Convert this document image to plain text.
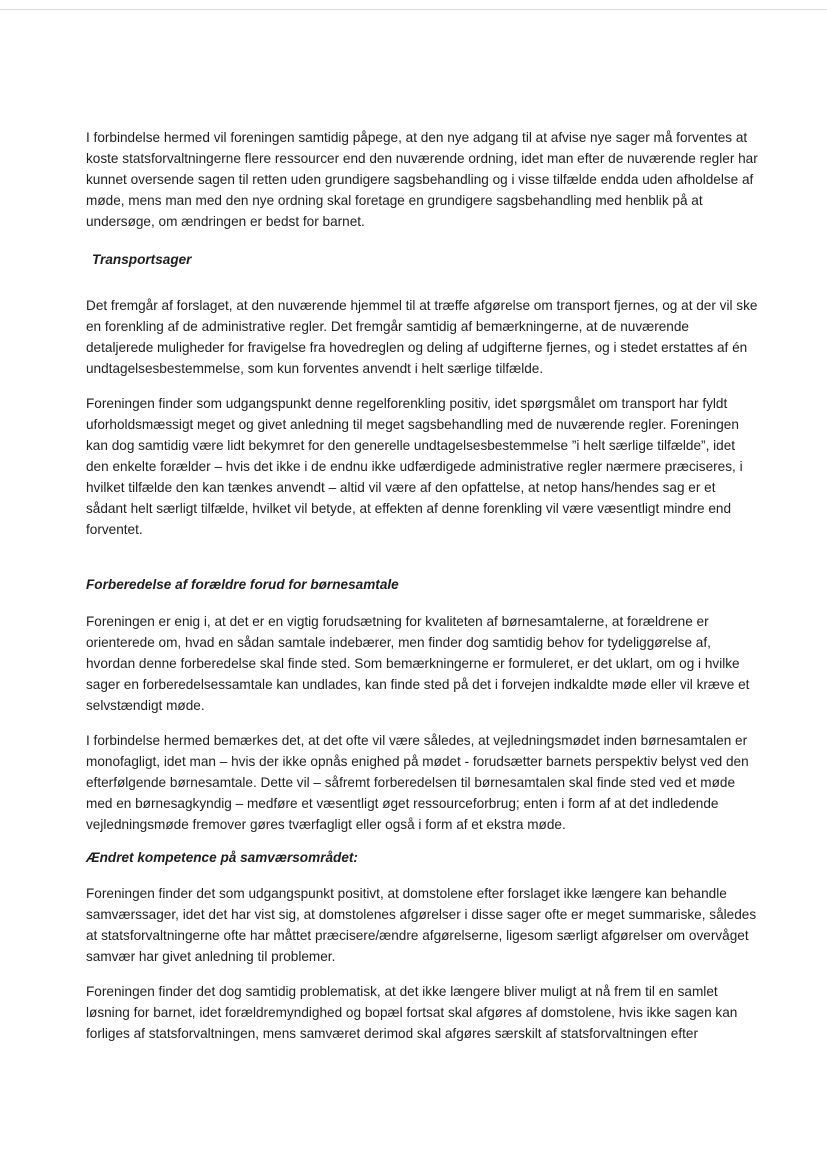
I forbindelse hermed vil foreningen samtidig påpege, at den nye adgang til at afvise nye sager må forventes at koste statsforvaltningerne flere ressourcer end den nuværende ordning, idet man efter de nuværende regler har kunnet oversende sagen til retten uden grundigere sagsbehandling og i visse tilfælde endda uden afholdelse af møde, mens man med den nye ordning skal foretage en grundigere sagsbehandling med henblik på at undersøge, om ændringen er bedst for barnet.

Transportsager

Det fremgår af forslaget, at den nuværende hjemmel til at træffe afgørelse om transport fjernes, og at der vil ske en forenkling af de administrative regler. Det fremgår samtidig af bemærkningerne, at de nuværende detaljerede muligheder for fravigelse fra hovedreglen og deling af udgifterne fjernes, og i stedet erstattes af én undtagelsesbestemmelse, som kun forventes anvendt i helt særlige tilfælde.

Foreningen finder som udgangspunkt denne regelforenkling positiv, idet spørgsmålet om transport har fyldt uforholdsmæssigt meget og givet anledning til meget sagsbehandling med de nuværende regler. Foreningen kan dog samtidig være lidt bekymret for den generelle undtagelsesbestemmelse ”i helt særlige tilfælde”, idet den enkelte forælder – hvis det ikke i de endnu ikke udfærdigede administrative regler nærmere præciseres, i hvilket tilfælde den kan tænkes anvendt – altid vil være af den opfattelse, at netop hans/hendes sag er et sådant helt særligt tilfælde, hvilket vil betyde, at effekten af denne forenkling vil være væsentligt mindre end forventet.

Forberedelse af forældre forud for børnesamtale

Foreningen er enig i, at det er en vigtig forudsætning for kvaliteten af børnesamtalerne, at forældrene er orienterede om, hvad en sådan samtale indebærer, men finder dog samtidig behov for tydeliggørelse af, hvordan denne forberedelse skal finde sted. Som bemærkningerne er formuleret, er det uklart, om og i hvilke sager en forberedelsessamtale kan undlades, kan finde sted på det i forvejen indkaldte møde eller vil kræve et selvstændigt møde.

I forbindelse hermed bemærkes det, at det ofte vil være således, at vejledningsmødet inden børnesamtalen er monofagligt, idet man – hvis der ikke opnås enighed på mødet - forudsætter barnets perspektiv belyst ved den efterfølgende børnesamtale. Dette vil – såfremt forberedelsen til børnesamtalen skal finde sted ved et møde med en børnesagkyndig – medføre et væsentligt øget ressourceforbrug; enten i form af at det indledende vejledningsmøde fremover gøres tværfagligt eller også i form af et ekstra møde.

Ændret kompetence på samværsområdet:

Foreningen finder det som udgangspunkt positivt, at domstolene efter forslaget ikke længere kan behandle samværssager, idet det har vist sig, at domstolenes afgørelser i disse sager ofte er meget summariske, således at statsforvaltningerne ofte har måttet præcisere/ændre afgørelserne, ligesom særligt afgørelser om overvåget samvær har givet anledning til problemer.

Foreningen finder det dog samtidig problematisk, at det ikke længere bliver muligt at nå frem til en samlet løsning for barnet, idet forældremyndighed og bopæl fortsat skal afgøres af domstolene, hvis ikke sagen kan forliges af statsforvaltningen, mens samværet derimod skal afgøres særskilt af statsforvaltningen efter
